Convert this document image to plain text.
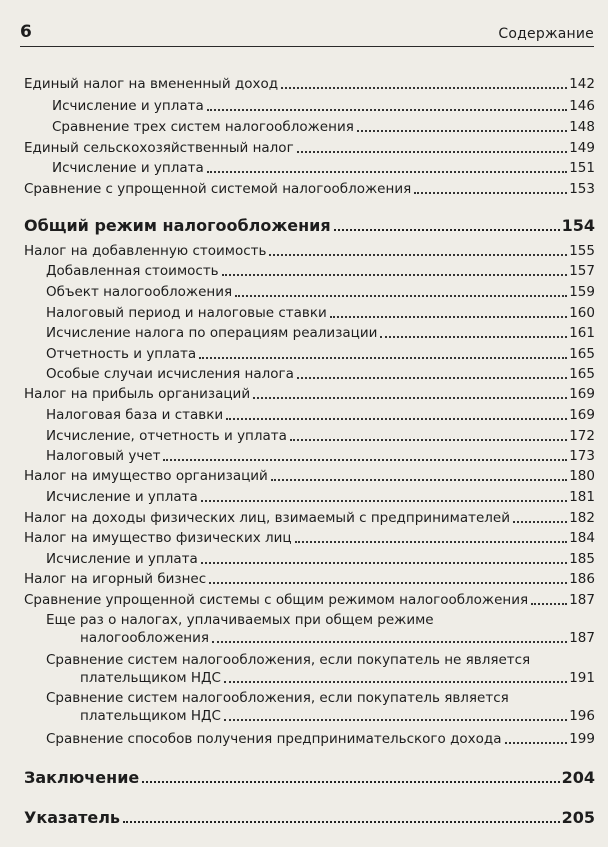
6	Содержание
Единый налог на вмененный доход	142
Исчисление и уплата	146
Сравнение трех систем налогообложения	148
Единый сельскохозяйственный налог	149
Исчисление и уплата	151
Сравнение с упрощенной системой налогообложения	153
Общий режим налогообложения	154
Налог на добавленную стоимость	155
Добавленная стоимость	157
Объект налогообложения	159
Налоговый период и налоговые ставки	160
Исчисление налога по операциям реализации	161
Отчетность и уплата	165
Особые случаи исчисления налога	165
Налог на прибыль организаций	169
Налоговая база и ставки	169
Исчисление, отчетность и уплата	172
Налоговый учет	173
Налог на имущество организаций	180
Исчисление и уплата	181
Налог на доходы физических лиц, взимаемый с предпринимателей	182
Налог на имущество физических лиц	184
Исчисление и уплата	185
Налог на игорный бизнес	186
Сравнение упрощенной системы с общим режимом налогообложения	187
Еще раз о налогах, уплачиваемых при общем режиме
налогообложения	187
Сравнение систем налогообложения, если покупатель не является
плательщиком НДС	191
Сравнение систем налогообложения, если покупатель является
плательщиком НДС	196
Сравнение способов получения предпринимательского дохода	199
Заключение	204
Указатель	205
